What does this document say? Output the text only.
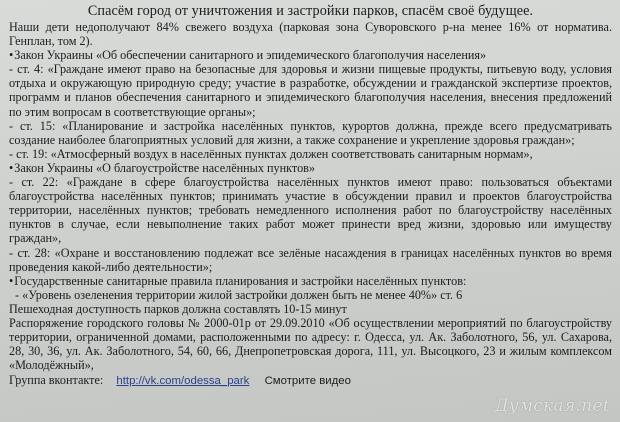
Спасём город от уничтожения и застройки парков, спасём своё будущее.

Наши дети недополучают 84% свежего воздуха (парковая зона Суворовского р-на менее 16% от норматива. Генплан, том 2).

• Закон Украины «Об обеспечении санитарного и эпидемического благополучия населения»

- ст. 4: «Граждане имеют право на безопасные для здоровья и жизни пищевые продукты, питьевую воду, условия отдыха и окружающую природную среду; участие в разработке, обсуждении и гражданской экспертизе проектов, программ и планов обеспечения санитарного и эпидемического благополучия населения, внесения предложений по этим вопросам в соответствующие органы»;

- ст. 15: «Планирование и застройка населённых пунктов, курортов должна, прежде всего предусматривать создание наиболее благоприятных условий для жизни, а также сохранение и укрепление здоровья граждан»;

- ст. 19: «Атмосферный воздух в населённых пунктах должен соответствовать санитарным нормам»,

• Закон Украины «О благоустройстве населённых пунктов»

- ст. 22: «Граждане в сфере благоустройства населённых пунктов имеют право: пользоваться объектами благоустройства населённых пунктов; принимать участие в обсуждении правил и проектов благоустройства территории, населённых пунктов; требовать немедленного исполнения работ по благоустройству населённых пунктов в случае, если невыполнение таких работ может принести вред жизни, здоровью или имуществу граждан»,

- ст. 28: «Охране и восстановлению подлежат все зелёные насаждения в границах населённых пунктов во время проведения какой-либо деятельности»;

• Государственные санитарные правила планирования и застройки населённых пунктов:

- «Уровень озеленения территории жилой застройки должен быть не менее 40%» ст. 6

Пешеходная доступность парков должна составлять 10-15 минут

Распоряжение городского головы № 2000-01р от 29.09.2010 «Об осуществлении мероприятий по благоустройству территории, ограниченной домами, расположенными по адресу: г. Одесса, ул. Ак. Заболотного, 56, ул. Сахарова, 28, 30, 36, ул. Ак. Заболотного, 54, 60, 66, Днепропетровская дорога, 111, ул. Высоцкого, 23 и жилым комплексом «Молодёжный»,

Группа вконтакте: http://vk.com/odessa_park Смотрите видео
Думская.net
